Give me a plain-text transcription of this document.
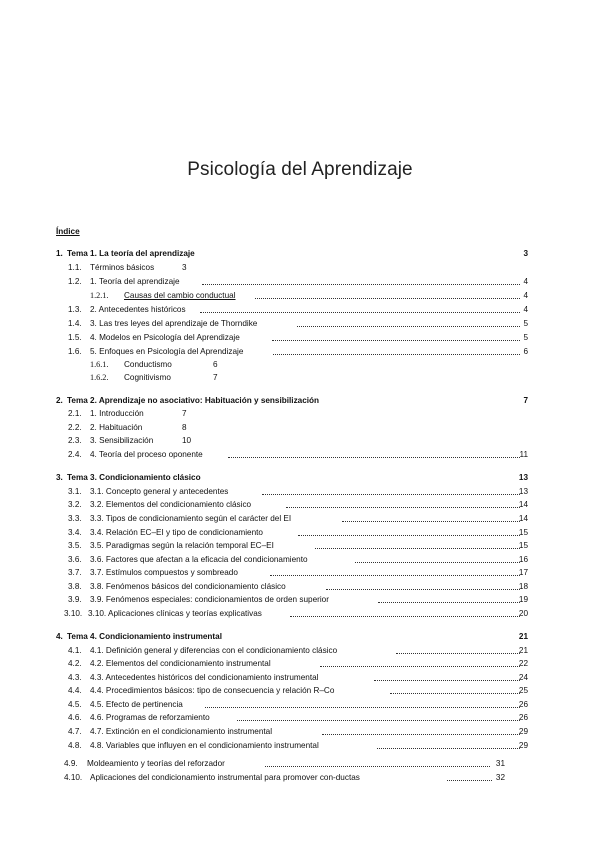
Psicología del Aprendizaje
Índice
1. Tema 1. La teoría del aprendizaje	3
1.1. Términos básicos	3
1.2. 1. Teoría del aprendizaje	4
1.2.1. Causas del cambio conductual	4
1.3. 2. Antecedentes históricos	4
1.4. 3. Las tres leyes del aprendizaje de Thorndike	5
1.5. 4. Modelos en Psicología del Aprendizaje	5
1.6. 5. Enfoques en Psicología del Aprendizaje	6
1.6.1. Conductismo	6
1.6.2. Cognitivismo	7
2. Tema 2. Aprendizaje no asociativo: Habituación y sensibilización	7
2.1. 1. Introducción	7
2.2. 2. Habituación	8
2.3. 3. Sensibilización	10
2.4. 4. Teoría del proceso oponente	11
3. Tema 3. Condicionamiento clásico	13
3.1. 3.1. Concepto general y antecedentes	13
3.2. 3.2. Elementos del condicionamiento clásico	14
3.3. 3.3. Tipos de condicionamiento según el carácter del EI	14
3.4. 3.4. Relación EC–EI y tipo de condicionamiento	15
3.5. 3.5. Paradigmas según la relación temporal EC–EI	15
3.6. 3.6. Factores que afectan a la eficacia del condicionamiento	16
3.7. 3.7. Estímulos compuestos y sombreado	17
3.8. 3.8. Fenómenos básicos del condicionamiento clásico	18
3.9. 3.9. Fenómenos especiales: condicionamientos de orden superior	19
3.10. 3.10. Aplicaciones clínicas y teorías explicativas	20
4. Tema 4. Condicionamiento instrumental	21
4.1. 4.1. Definición general y diferencias con el condicionamiento clásico	21
4.2. 4.2. Elementos del condicionamiento instrumental	22
4.3. 4.3. Antecedentes históricos del condicionamiento instrumental	24
4.4. 4.4. Procedimientos básicos: tipo de consecuencia y relación R–Co	25
4.5. 4.5. Efecto de pertinencia	26
4.6. 4.6. Programas de reforzamiento	26
4.7. 4.7. Extinción en el condicionamiento instrumental	29
4.8. 4.8. Variables que influyen en el condicionamiento instrumental	29
4.9. Moldeamiento y teorías del reforzador	31
4.10. Aplicaciones del condicionamiento instrumental para promover con-ductas	32
